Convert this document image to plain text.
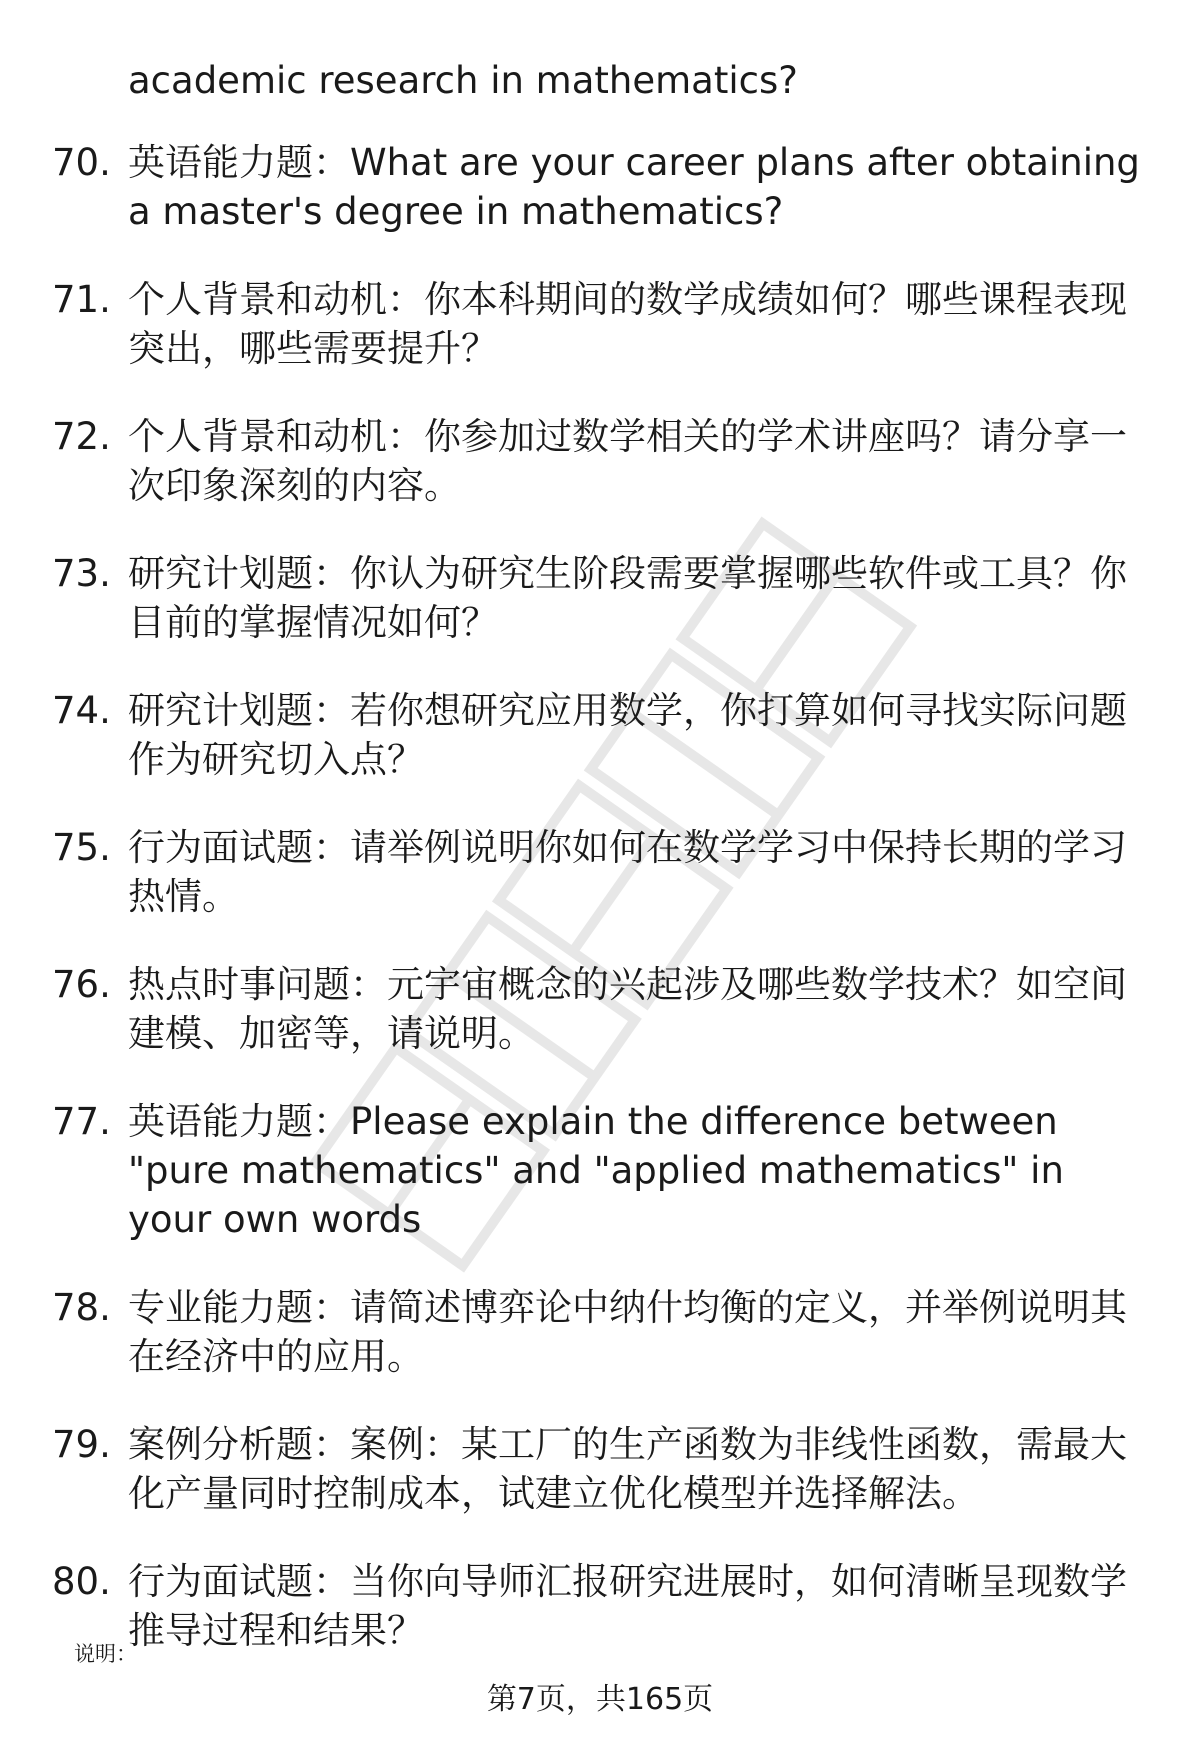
academic research in mathematics?

70. 英语能力题：What are your career plans after obtaining a master's degree in mathematics?
71. 个人背景和动机：你本科期间的数学成绩如何？哪些课程表现突出，哪些需要提升？
72. 个人背景和动机：你参加过数学相关的学术讲座吗？请分享一次印象深刻的内容。
73. 研究计划题：你认为研究生阶段需要掌握哪些软件或工具？你目前的掌握情况如何？
74. 研究计划题：若你想研究应用数学，你打算如何寻找实际问题作为研究切入点？
75. 行为面试题：请举例说明你如何在数学学习中保持长期的学习热情。
76. 热点时事问题：元宇宙概念的兴起涉及哪些数学技术？如空间建模、加密等，请说明。
77. 英语能力题：Please explain the difference between "pure mathematics" and "applied mathematics" in your own words
78. 专业能力题：请简述博弈论中纳什均衡的定义，并举例说明其在经济中的应用。
79. 案例分析题：案例：某工厂的生产函数为非线性函数，需最大化产量同时控制成本，试建立优化模型并选择解法。
80. 行为面试题：当你向导师汇报研究进展时，如何清晰呈现数学推导过程和结果？
说明：
第7页，共165页
